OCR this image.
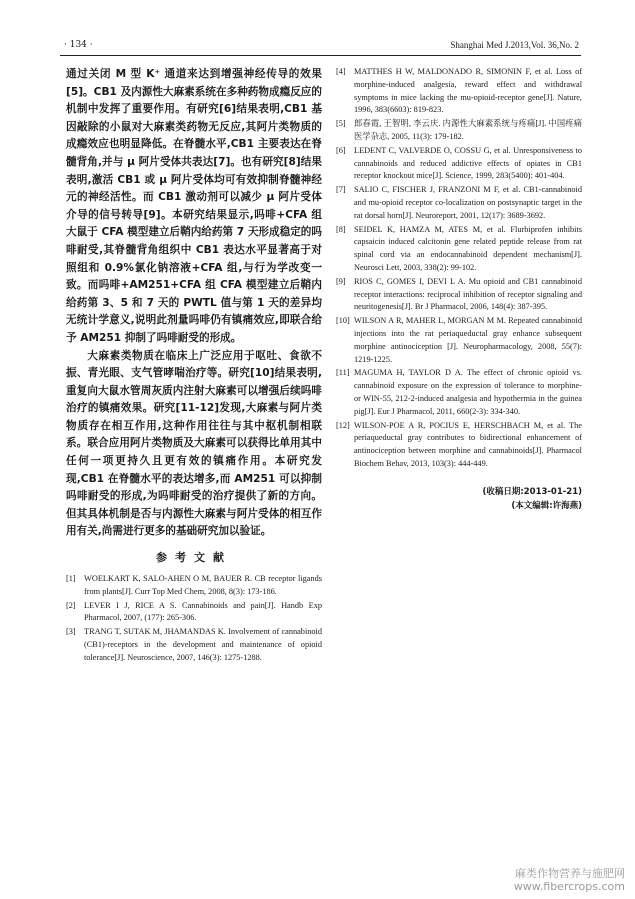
· 134 ·	Shanghai Med J.2013,Vol. 36,No. 2

通过关闭 M 型 K⁺ 通道来达到增强神经传导的效果[5]。CB1 及内源性大麻素系统在多种药物成瘾反应的机制中发挥了重要作用。有研究[6]结果表明,CB1 基因敲除的小鼠对大麻素类药物无反应,其阿片类物质的成瘾效应也明显降低。在脊髓水平,CB1 主要表达在脊髓背角,并与 μ 阿片受体共表达[7]。也有研究[8]结果表明,激活 CB1 或 μ 阿片受体均可有效抑制脊髓神经元的神经活性。而 CB1 激动剂可以减少 μ 阿片受体介导的信号转导[9]。本研究结果显示,吗啡+CFA 组大鼠于 CFA 模型建立后鞘内给药第 7 天形成稳定的吗啡耐受,其脊髓背角组织中 CB1 表达水平显著高于对照组和 0.9%氯化钠溶液+CFA 组,与行为学改变一致。而吗啡+AM251+CFA 组 CFA 模型建立后鞘内给药第 3、5 和 7 天的 PWTL 值与第 1 天的差异均无统计学意义,说明此剂量吗啡仍有镇痛效应,即联合给予 AM251 抑制了吗啡耐受的形成。

大麻素类物质在临床上广泛应用于呕吐、食欲不振、青光眼、支气管哮喘治疗等。研究[10]结果表明,重复向大鼠水管周灰质内注射大麻素可以增强后续吗啡治疗的镇痛效果。研究[11-12]发现,大麻素与阿片类物质存在相互作用,这种作用往往与其中枢机制相联系。联合应用阿片类物质及大麻素可以获得比单用其中任何一项更持久且更有效的镇痛作用。本研究发现,CB1 在脊髓水平的表达增多,而 AM251 可以抑制吗啡耐受的形成,为吗啡耐受的治疗提供了新的方向。但其具体机制是否与内源性大麻素与阿片受体的相互作用有关,尚需进行更多的基础研究加以验证。

参考文献
[1]	WOELKART K, SALO-AHEN O M, BAUER R. CB receptor ligands from plants[J]. Curr Top Med Chem, 2008, 8(3): 173-186.
[2]	LEVER I J, RICE A S. Cannabinoids and pain[J]. Handb Exp Pharmacol, 2007, (177): 265-306.
[3]	TRANG T, SUTAK M, JHAMANDAS K. Involvement of cannabinoid (CB1)-receptors in the development and maintenance of opioid tolerance[J]. Neuroscience, 2007, 146(3): 1275-1288.
[4]	MATTHES H W, MALDONADO R, SIMONIN F, et al. Loss of morphine-induced analgesia, reward effect and withdrawal symptoms in mice lacking the mu-opioid-receptor gene[J]. Nature, 1996, 383(6603): 819-823.
[5]	郎春霞, 王智明, 李云庆. 内源性大麻素系统与疼痛[J]. 中国疼痛医学杂志, 2005, 11(3): 179-182.
[6]	LEDENT C, VALVERDE O, COSSU G, et al. Unresponsiveness to cannabinoids and reduced addictive effects of opiates in CB1 receptor knockout mice[J]. Science, 1999, 283(5400): 401-404.
[7]	SALIO C, FISCHER J, FRANZONI M F, et al. CB1-cannabinoid and mu-opioid receptor co-localization on postsynaptic target in the rat dorsal horn[J]. Neuroreport, 2001, 12(17): 3689-3692.
[8]	SEIDEL K, HAMZA M, ATES M, et al. Flurbiprofen inhibits capsaicin induced calcitonin gene related peptide release from rat spinal cord via an endocannabinoid dependent mechanism[J]. Neurosci Lett, 2003, 338(2): 99-102.
[9]	RIOS C, GOMES I, DEVI L A. Mu opioid and CB1 cannabinoid receptor interactions: reciprocal inhibition of receptor signaling and neuritogenesis[J]. Br J Pharmacol, 2006, 148(4): 387-395.
[10] WILSON A R, MAHER L, MORGAN M M. Repeated cannabinoid injections into the rat periaqueductal gray enhance subsequent morphine antinociception [J]. Neuropharmacology, 2008, 55(7): 1219-1225.
[11] MAGUMA H, TAYLOR D A. The effect of chronic opioid vs. cannabinoid exposure on the expression of tolerance to morphine- or WIN-55, 212-2-induced analgesia and hypothermia in the guinea pig[J]. Eur J Pharmacol, 2011, 660(2-3): 334-340.
[12] WILSON-POE A R, POCIUS E, HERSCHBACH M, et al. The periaqueductal gray contributes to bidirectional enhancement of antinociception between morphine and cannabinoids[J]. Pharmacol Biochem Behav, 2013, 103(3): 444-449.
(收稿日期:2013-01-21)
(本文编辑:许海燕)
麻类作物营养与施肥网
www.fibercrops.com
